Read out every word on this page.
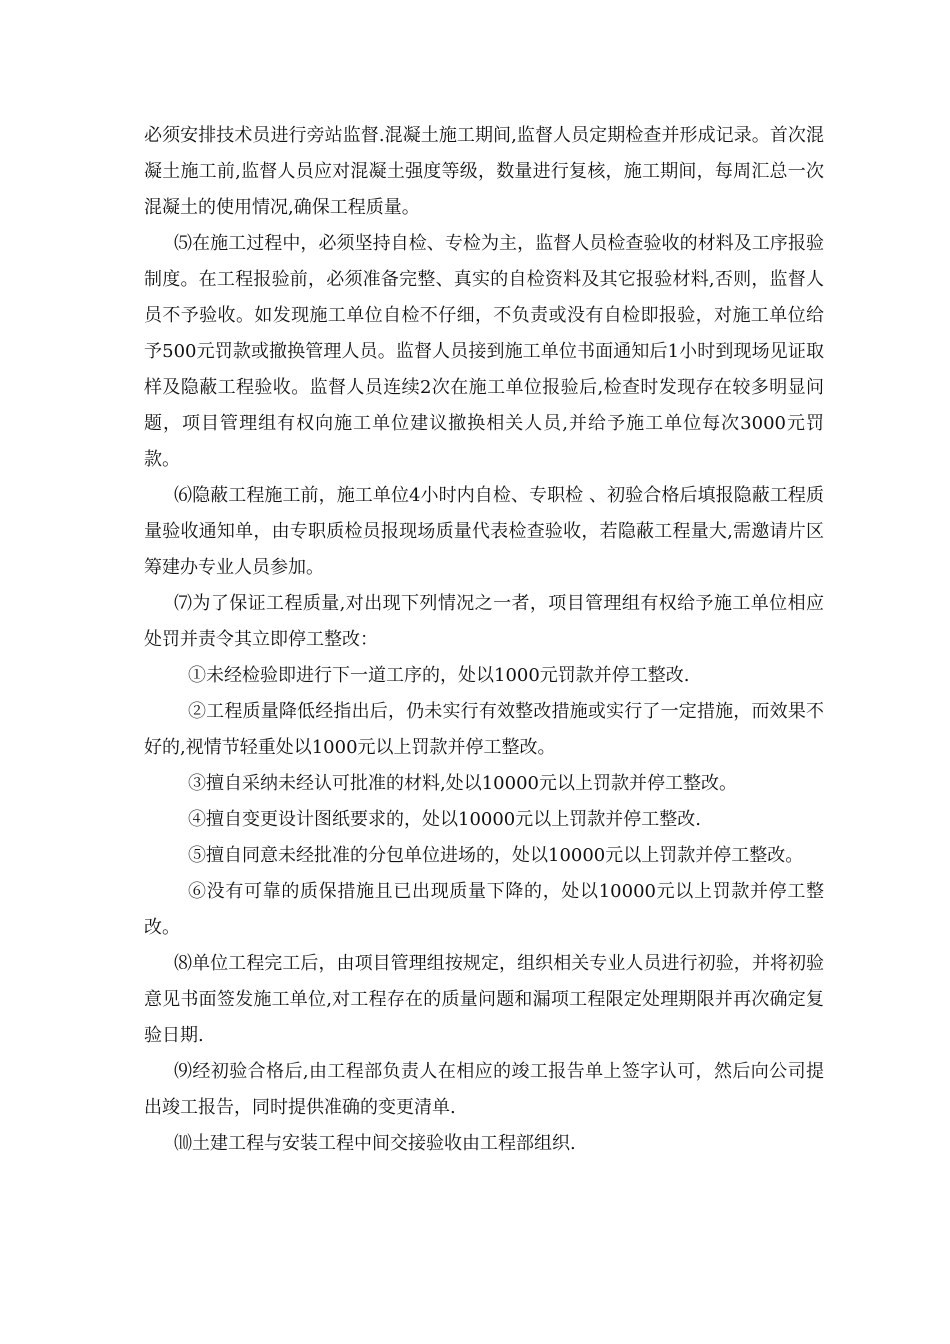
必须安排技术员进行旁站监督.混凝土施工期间,监督人员定期检查并形成记录。首次混凝土施工前,监督人员应对混凝土强度等级，数量进行复核，施工期间，每周汇总一次混凝土的使用情况,确保工程质量。

⑸在施工过程中，必须坚持自检、专检为主，监督人员检查验收的材料及工序报验制度。在工程报验前，必须准备完整、真实的自检资料及其它报验材料,否则，监督人员不予验收。如发现施工单位自检不仔细，不负责或没有自检即报验，对施工单位给予500元罚款或撤换管理人员。监督人员接到施工单位书面通知后1小时到现场见证取样及隐蔽工程验收。监督人员连续2次在施工单位报验后,检查时发现存在较多明显问题，项目管理组有权向施工单位建议撤换相关人员,并给予施工单位每次3000元罚款。

⑹隐蔽工程施工前，施工单位4小时内自检、专职检 、初验合格后填报隐蔽工程质量验收通知单，由专职质检员报现场质量代表检查验收，若隐蔽工程量大,需邀请片区筹建办专业人员参加。

⑺为了保证工程质量,对出现下列情况之一者，项目管理组有权给予施工单位相应处罚并责令其立即停工整改：

①未经检验即进行下一道工序的，处以1000元罚款并停工整改.

②工程质量降低经指出后，仍未实行有效整改措施或实行了一定措施，而效果不好的,视情节轻重处以1000元以上罚款并停工整改。

③擅自采纳未经认可批准的材料,处以10000元以上罚款并停工整改。

④擅自变更设计图纸要求的，处以10000元以上罚款并停工整改.

⑤擅自同意未经批准的分包单位进场的，处以10000元以上罚款并停工整改。

⑥没有可靠的质保措施且已出现质量下降的，处以10000元以上罚款并停工整改。

⑻单位工程完工后，由项目管理组按规定，组织相关专业人员进行初验，并将初验意见书面签发施工单位,对工程存在的质量问题和漏项工程限定处理期限并再次确定复验日期.

⑼经初验合格后,由工程部负责人在相应的竣工报告单上签字认可，然后向公司提出竣工报告，同时提供准确的变更清单.

⑽土建工程与安装工程中间交接验收由工程部组织.
